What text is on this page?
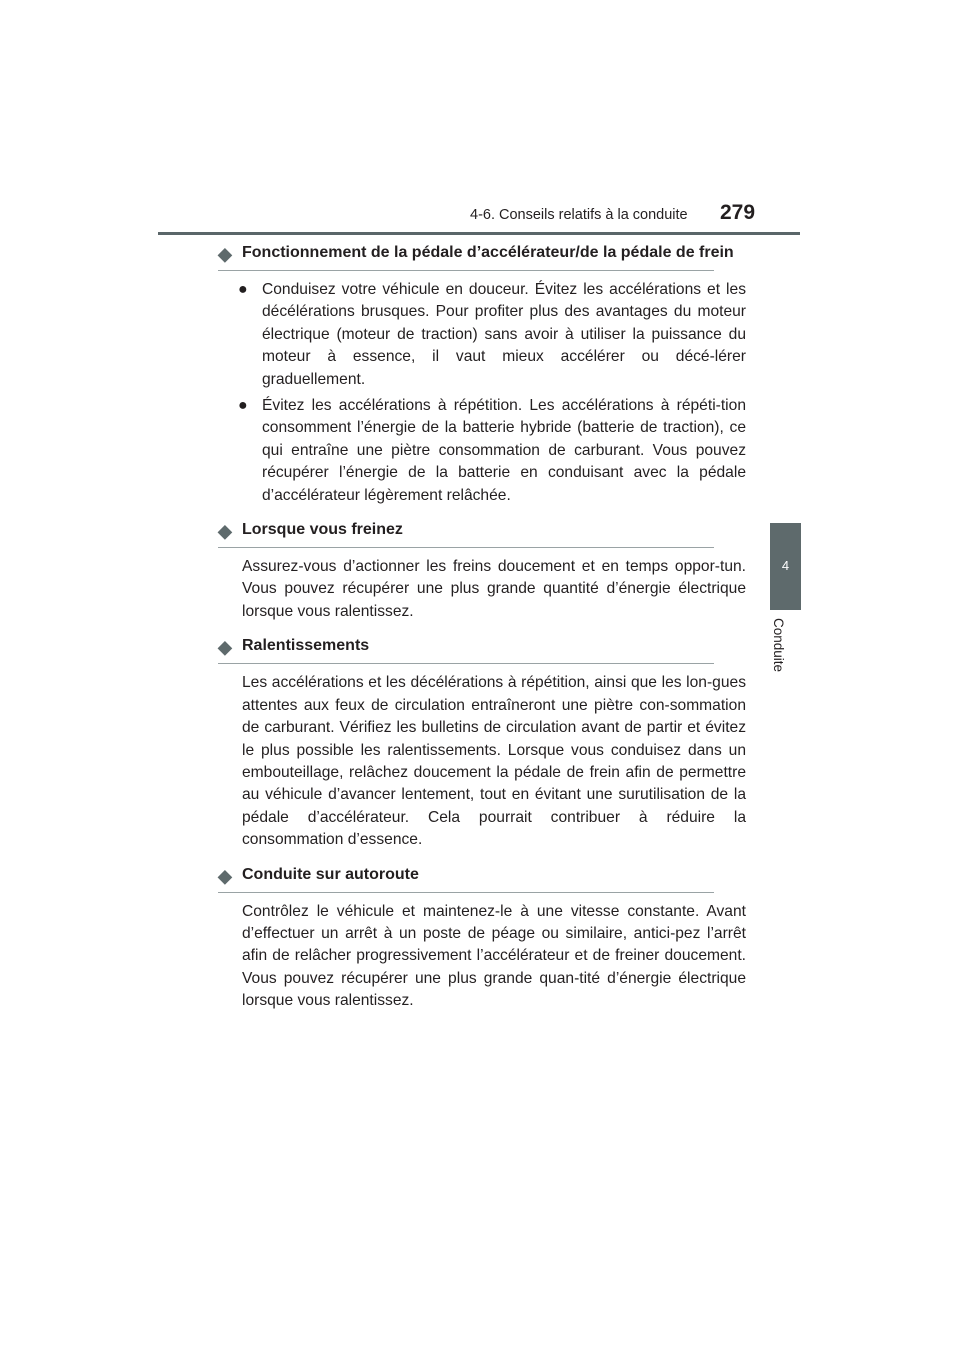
4-6. Conseils relatifs à la conduite 279
4
Conduite
◆ Fonctionnement de la pédale d’accélérateur/de la pédale de frein
● Conduisez votre véhicule en douceur. Évitez les accélérations et les décélérations brusques. Pour profiter plus des avantages du moteur électrique (moteur de traction) sans avoir à utiliser la puissance du moteur à essence, il vaut mieux accélérer ou décé-lérer graduellement.
● Évitez les accélérations à répétition. Les accélérations à répéti-tion consomment l’énergie de la batterie hybride (batterie de traction), ce qui entraîne une piètre consommation de carburant. Vous pouvez récupérer l’énergie de la batterie en conduisant avec la pédale d’accélérateur légèrement relâchée.
◆ Lorsque vous freinez
Assurez-vous d’actionner les freins doucement et en temps oppor-tun. Vous pouvez récupérer une plus grande quantité d’énergie électrique lorsque vous ralentissez.
◆ Ralentissements
Les accélérations et les décélérations à répétition, ainsi que les lon-gues attentes aux feux de circulation entraîneront une piètre con-sommation de carburant. Vérifiez les bulletins de circulation avant de partir et évitez le plus possible les ralentissements. Lorsque vous conduisez dans un embouteillage, relâchez doucement la pédale de frein afin de permettre au véhicule d’avancer lentement, tout en évitant une surutilisation de la pédale d’accélérateur. Cela pourrait contribuer à réduire la consommation d’essence.
◆ Conduite sur autoroute
Contrôlez le véhicule et maintenez-le à une vitesse constante. Avant d’effectuer un arrêt à un poste de péage ou similaire, antici-pez l’arrêt afin de relâcher progressivement l’accélérateur et de freiner doucement. Vous pouvez récupérer une plus grande quan-tité d’énergie électrique lorsque vous ralentissez.
